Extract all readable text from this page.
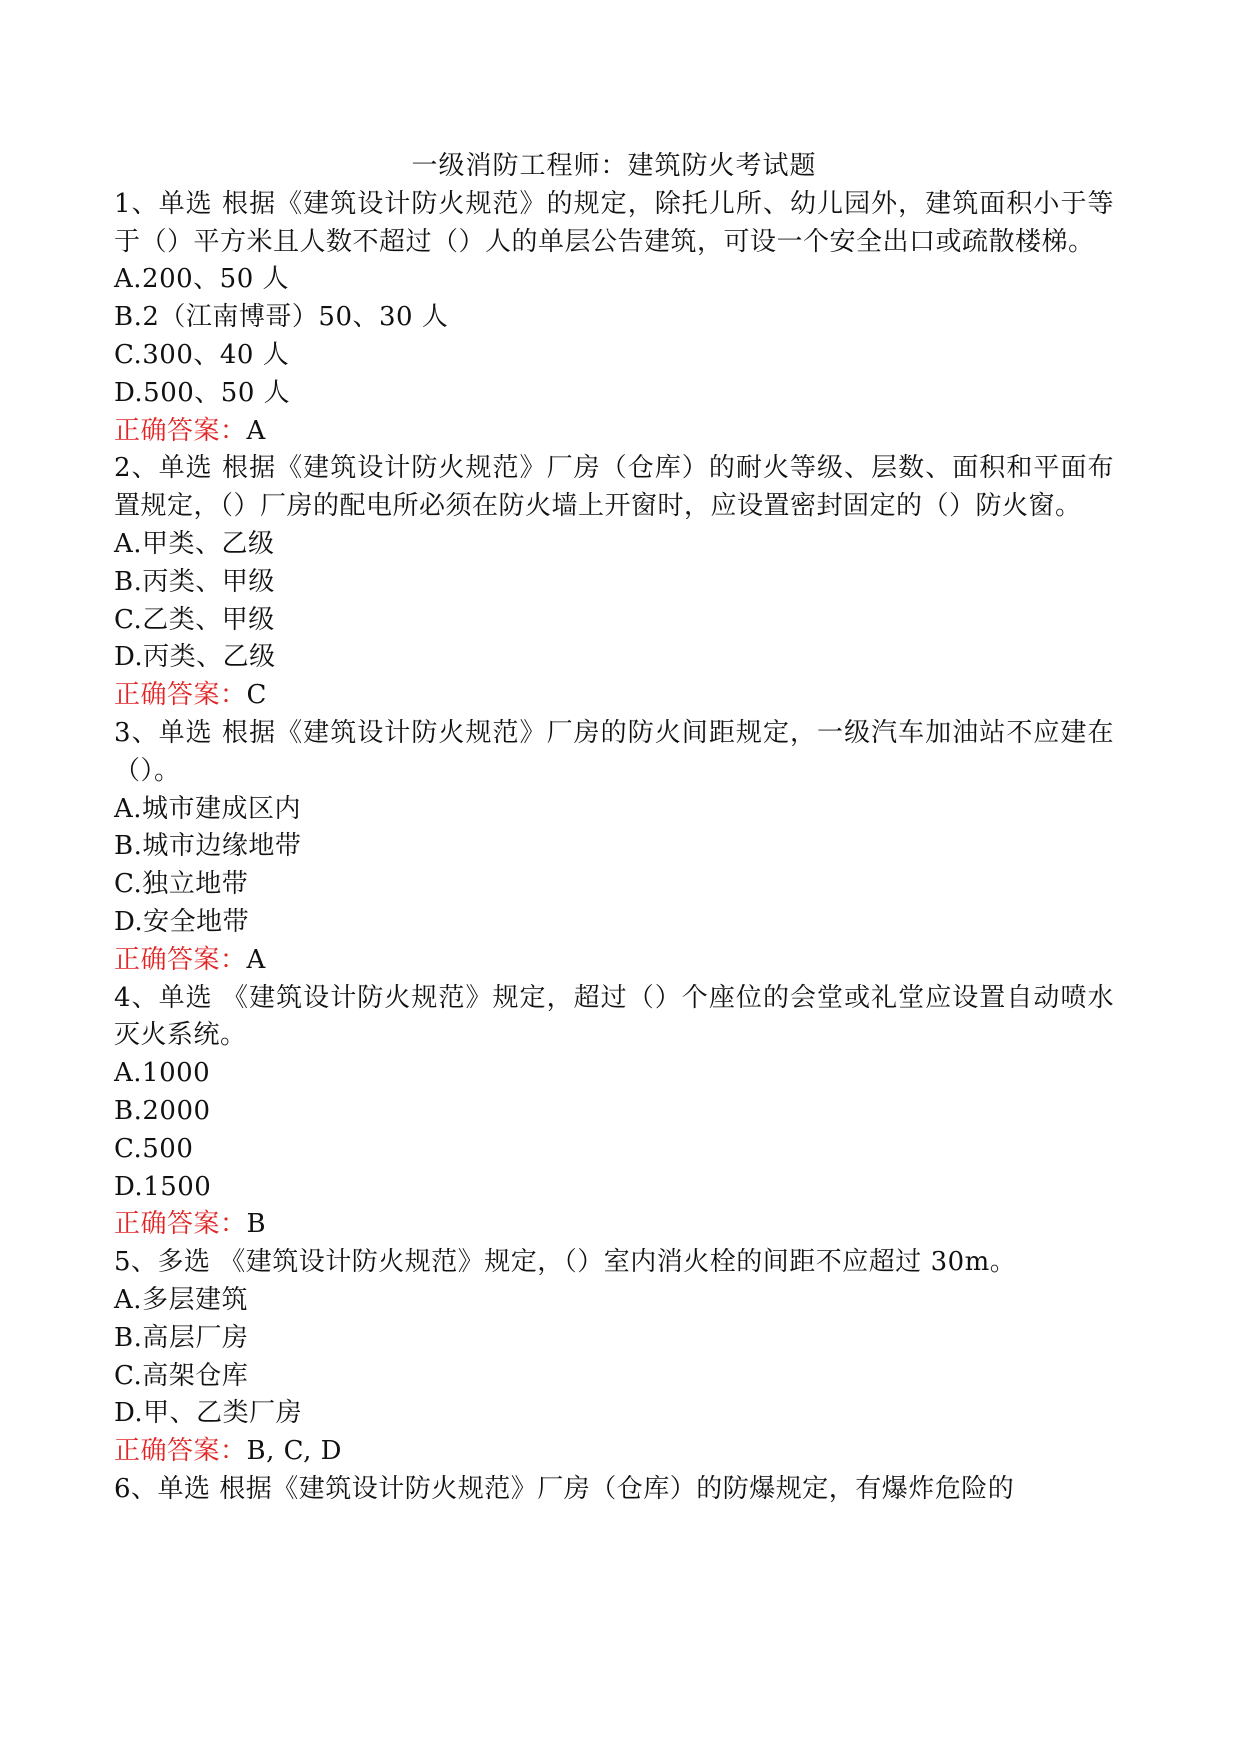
一级消防工程师：建筑防火考试题

1、单选 根据《建筑设计防火规范》的规定，除托儿所、幼儿园外，建筑面积小于等于（）平方米且人数不超过（）人的单层公告建筑，可设一个安全出口或疏散楼梯。

A.200、50 人

B.2（江南博哥）50、30 人

C.300、40 人

D.500、50 人

正确答案：A

2、单选 根据《建筑设计防火规范》厂房（仓库）的耐火等级、层数、面积和平面布置规定，（）厂房的配电所必须在防火墙上开窗时，应设置密封固定的（）防火窗。

A.甲类、乙级

B.丙类、甲级

C.乙类、甲级

D.丙类、乙级

正确答案：C

3、单选 根据《建筑设计防火规范》厂房的防火间距规定，一级汽车加油站不应建在（）。

A.城市建成区内

B.城市边缘地带

C.独立地带

D.安全地带

正确答案：A

4、单选 《建筑设计防火规范》规定，超过（）个座位的会堂或礼堂应设置自动喷水灭火系统。

A.1000

B.2000

C.500

D.1500

正确答案：B

5、多选 《建筑设计防火规范》规定，（）室内消火栓的间距不应超过 30m。

A.多层建筑

B.高层厂房

C.高架仓库

D.甲、乙类厂房

正确答案：B, C, D

6、单选 根据《建筑设计防火规范》厂房（仓库）的防爆规定，有爆炸危险的
